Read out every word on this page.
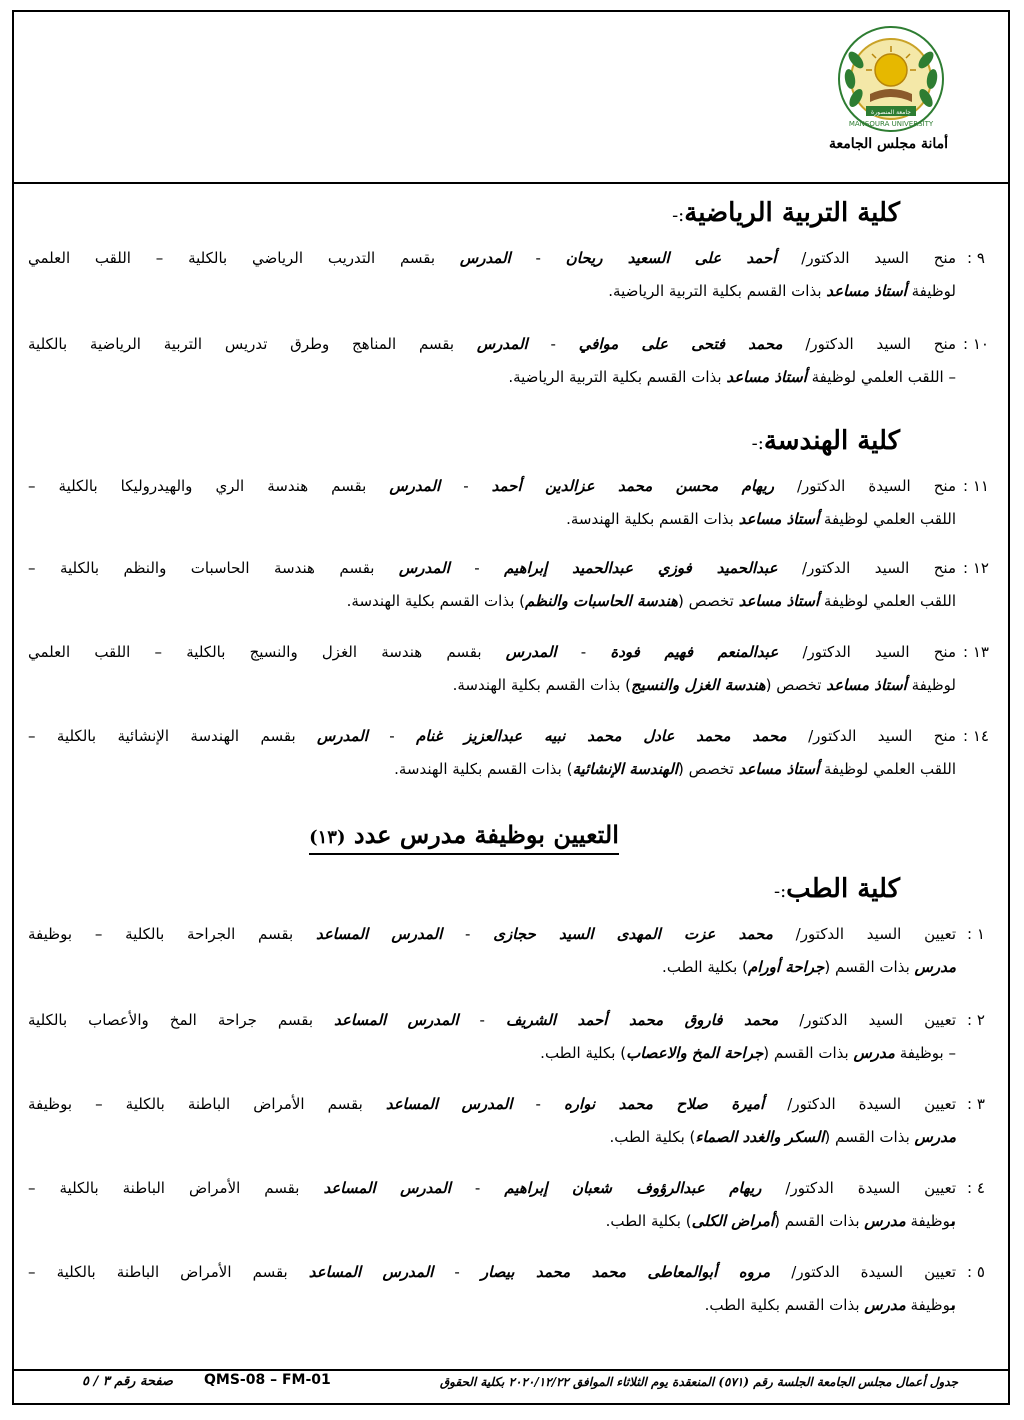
MANSOURA UNIVERSITY
جامعة المنصورة
أمانة مجلس الجامعة
كلية التربية الرياضية:-
٩ :
منح السيد الدكتور/ أحمد على السعيد ريحان - المدرس بقسم التدريب الرياضي بالكلية – اللقب العلمي
لوظيفة أستاذ مساعد بذات القسم بكلية التربية الرياضية.
١٠ :
منح السيد الدكتور/ محمد فتحى على موافي - المدرس بقسم المناهج وطرق تدريس التربية الرياضية بالكلية
– اللقب العلمي لوظيفة أستاذ مساعد بذات القسم بكلية التربية الرياضية.
كلية الهندسة:-
١١ :
منح السيدة الدكتور/ ريهام محسن محمد عزالدين أحمد - المدرس بقسم هندسة الري والهيدروليكا بالكلية –
اللقب العلمي لوظيفة أستاذ مساعد بذات القسم بكلية الهندسة.
١٢ :
منح السيد الدكتور/ عبدالحميد فوزي عبدالحميد إبراهيم - المدرس بقسم هندسة الحاسبات والنظم بالكلية –
اللقب العلمي لوظيفة أستاذ مساعد تخصص (هندسة الحاسبات والنظم) بذات القسم بكلية الهندسة.
١٣ :
منح السيد الدكتور/ عبدالمنعم فهيم فودة - المدرس بقسم هندسة الغزل والنسيج بالكلية – اللقب العلمي
لوظيفة أستاذ مساعد تخصص (هندسة الغزل والنسيج) بذات القسم بكلية الهندسة.
١٤ :
منح السيد الدكتور/ محمد محمد عادل محمد نبيه عبدالعزيز غنام - المدرس بقسم الهندسة الإنشائية بالكلية –
اللقب العلمي لوظيفة أستاذ مساعد تخصص (الهندسة الإنشائية) بذات القسم بكلية الهندسة.
التعيين بوظيفة مدرس عدد (١٣)
كلية الطب:-
١ :
تعيين السيد الدكتور/ محمد عزت المهدى السيد حجازى - المدرس المساعد بقسم الجراحة بالكلية – بوظيفة
مدرس بذات القسم (جراحة أورام) بكلية الطب.
٢ :
تعيين السيد الدكتور/ محمد فاروق محمد أحمد الشريف - المدرس المساعد بقسم جراحة المخ والأعصاب بالكلية
– بوظيفة مدرس بذات القسم (جراحة المخ والاعصاب) بكلية الطب.
٣ :
تعيين السيدة الدكتور/ أميرة صلاح محمد نواره - المدرس المساعد بقسم الأمراض الباطنة بالكلية – بوظيفة
مدرس بذات القسم (السكر والغدد الصماء) بكلية الطب.
٤ :
تعيين السيدة الدكتور/ ريهام عبدالرؤوف شعبان إبراهيم - المدرس المساعد بقسم الأمراض الباطنة بالكلية –
بوظيفة مدرس بذات القسم (أمراض الكلى) بكلية الطب.
٥ :
تعيين السيدة الدكتور/ مروه أبوالمعاطى محمد محمد بيصار - المدرس المساعد بقسم الأمراض الباطنة بالكلية –
بوظيفة مدرس بذات القسم بكلية الطب.
جدول أعمال مجلس الجامعة الجلسة رقم (٥٧١) المنعقدة يوم الثلاثاء الموافق ٢٠٢٠/١٢/٢٢ بكلية الحقوق
QMS-08 – FM-01
صفحة رقم ٣ / ٥
